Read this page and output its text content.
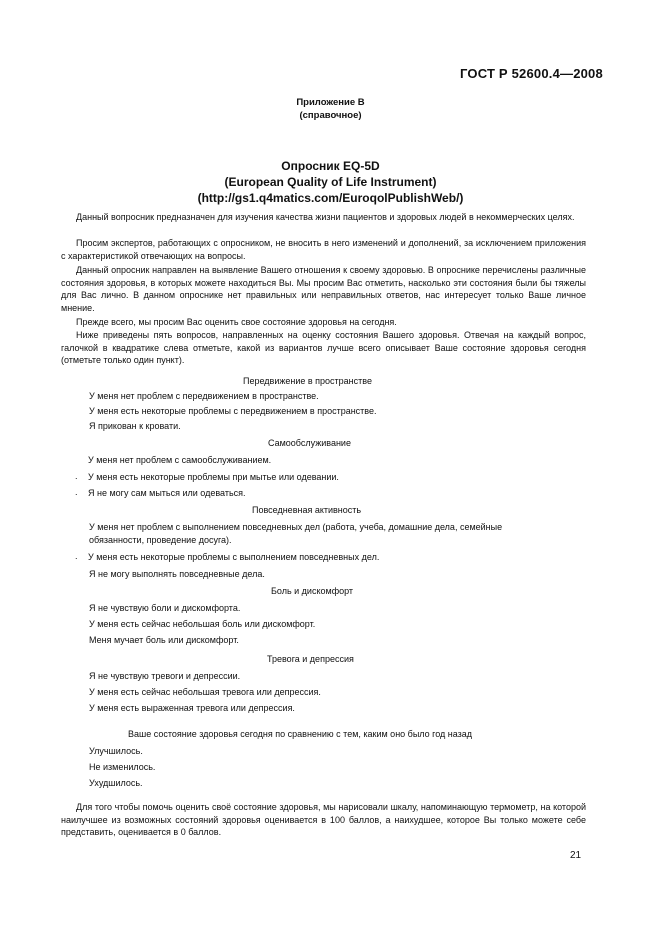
ГОСТ Р 52600.4—2008
Приложение В
(справочное)
Опросник EQ-5D
(European Quality of Life Instrument)
(http://gs1.q4matics.com/EuroqolPublishWeb/)

Данный вопросник предназначен для изучения качества жизни пациентов и здоровых людей в некоммерческих целях.

Просим экспертов, работающих с опросником, не вносить в него изменений и дополнений, за исключением приложения с характеристикой отвечающих на вопросы.

Данный опросник направлен на выявление Вашего отношения к своему здоровью. В опроснике перечислены различные состояния здоровья, в которых можете находиться Вы. Мы просим Вас отметить, насколько эти состояния были бы тяжелы для Вас лично. В данном опроснике нет правильных или неправильных ответов, нас интересует только Ваше личное мнение.

Прежде всего, мы просим Вас оценить свое состояние здоровья на сегодня.

Ниже приведены пять вопросов, направленных на оценку состояния Вашего здоровья. Отвечая на каждый вопрос, галочкой в квадратике слева отметьте, какой из вариантов лучше всего описывает Ваше состояние здоровья сегодня (отметьте только один пункт).

Передвижение в пространстве
У меня нет проблем с передвижением в пространстве.
У меня есть некоторые проблемы с передвижением в пространстве.
Я прикован к кровати.
Самообслуживание
У меня нет проблем с самообслуживанием.
. У меня есть некоторые проблемы при мытье или одевании.
. Я не могу сам мыться или одеваться.
Повседневная активность
У меня нет проблем с выполнением повседневных дел (работа, учеба, домашние дела, семейные обязанности, проведение досуга).
. У меня есть некоторые проблемы с выполнением повседневных дел.
Я не могу выполнять повседневные дела.
Боль и дискомфорт
Я не чувствую боли и дискомфорта.
У меня есть сейчас небольшая боль или дискомфорт.
Меня мучает боль или дискомфорт.
Тревога и депрессия
Я не чувствую тревоги и депрессии.
У меня есть сейчас небольшая тревога или депрессия.
У меня есть выраженная тревога или депрессия.
Ваше состояние здоровья сегодня по сравнению с тем, каким оно было год назад
Улучшилось.
Не изменилось.
Ухудшилось.

Для того чтобы помочь оценить своё состояние здоровья, мы нарисовали шкалу, напоминающую термометр, на которой наилучшее из возможных состояний здоровья оценивается в 100 баллов, а наихудшее, которое Вы только можете себе представить, оценивается в 0 баллов.

21
